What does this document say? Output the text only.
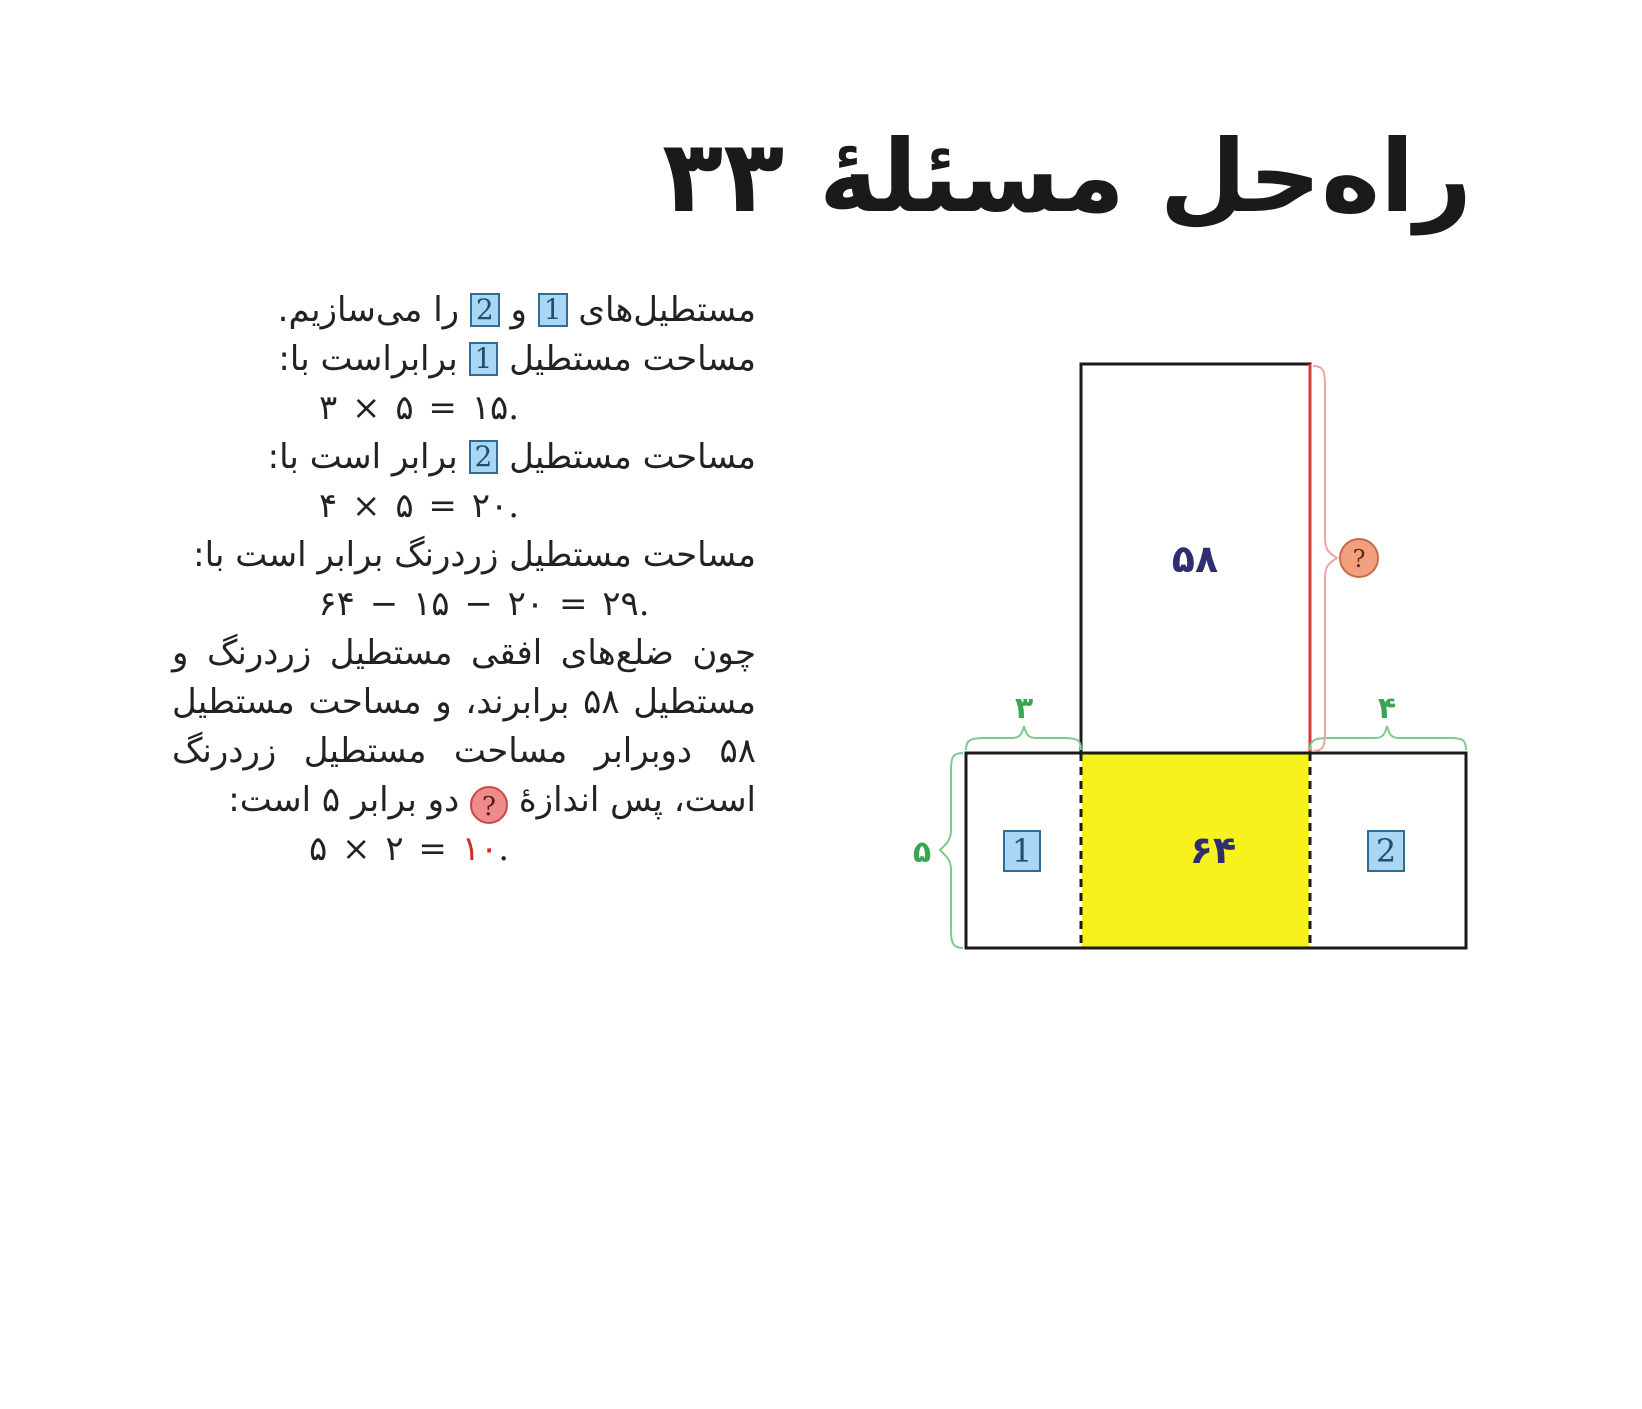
راه‌حل مسئلهٔ ۳۳

مستطیل‌های 1 و 2 را می‌سازیم.

مساحت مستطیل 1 برابراست با:

۳ × ۵ = ۱۵.

مساحت مستطیل 2 برابر است با:

۴ × ۵ = ۲۰.

مساحت مستطیل زردرنگ برابر است با:

۶۴ − ۱۵ − ۲۰ = ۲۹.

چون ضلع‌های افقی مستطیل زردرنگ و مستطیل ۵۸ برابرند، و مساحت مستطیل ۵۸ دوبرابر مساحت مستطیل زردرنگ است، پس اندازهٔ ? دو برابر ۵ است:

۵ × ۲ = ۱۰.

۵۸
۶۴
۳	۴
۵	1	2
?
